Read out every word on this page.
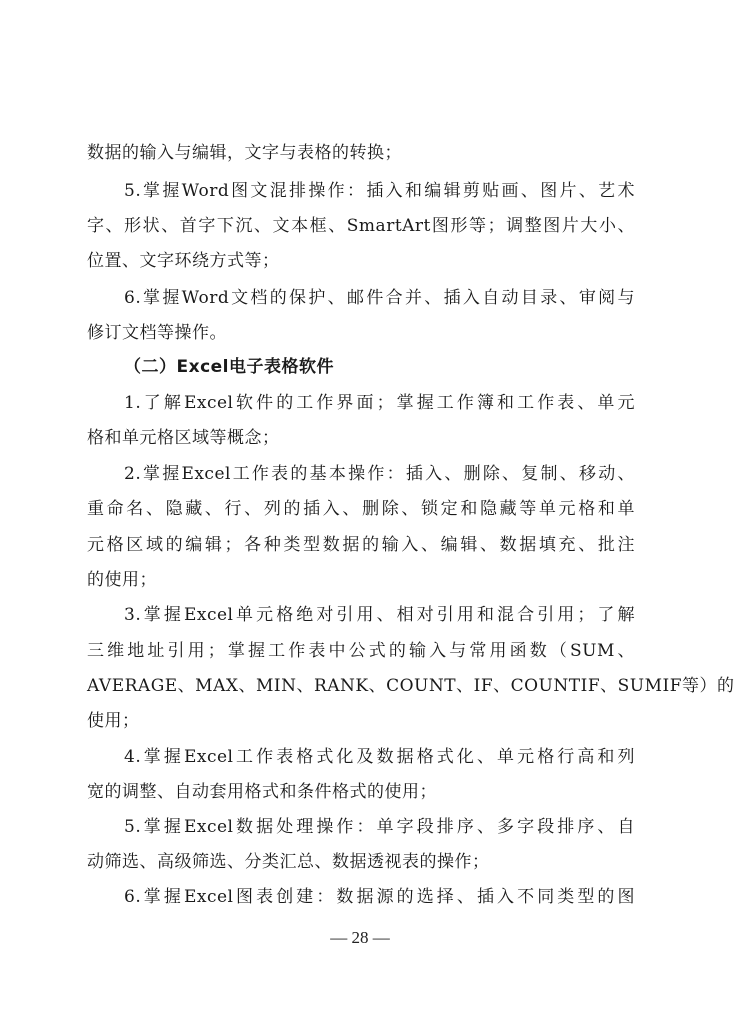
数据的输入与编辑，文字与表格的转换；
5.掌握Word图文混排操作：插入和编辑剪贴画、图片、艺术
字、形状、首字下沉、文本框、SmartArt图形等；调整图片大小、
位置、文字环绕方式等；
6.掌握Word文档的保护、邮件合并、插入自动目录、审阅与
修订文档等操作。
（二）Excel电子表格软件
1.了解Excel软件的工作界面；掌握工作簿和工作表、单元
格和单元格区域等概念；
2.掌握Excel工作表的基本操作：插入、删除、复制、移动、
重命名、隐藏、行、列的插入、删除、锁定和隐藏等单元格和单
元格区域的编辑；各种类型数据的输入、编辑、数据填充、批注
的使用；
3.掌握Excel单元格绝对引用、相对引用和混合引用；了解
三维地址引用；掌握工作表中公式的输入与常用函数（SUM、
AVERAGE、MAX、MIN、RANK、COUNT、IF、COUNTIF、SUMIF等）的
使用；
4.掌握Excel工作表格式化及数据格式化、单元格行高和列
宽的调整、自动套用格式和条件格式的使用；
5.掌握Excel数据处理操作：单字段排序、多字段排序、自
动筛选、高级筛选、分类汇总、数据透视表的操作；
6.掌握Excel图表创建：数据源的选择、插入不同类型的图
— 28 —
